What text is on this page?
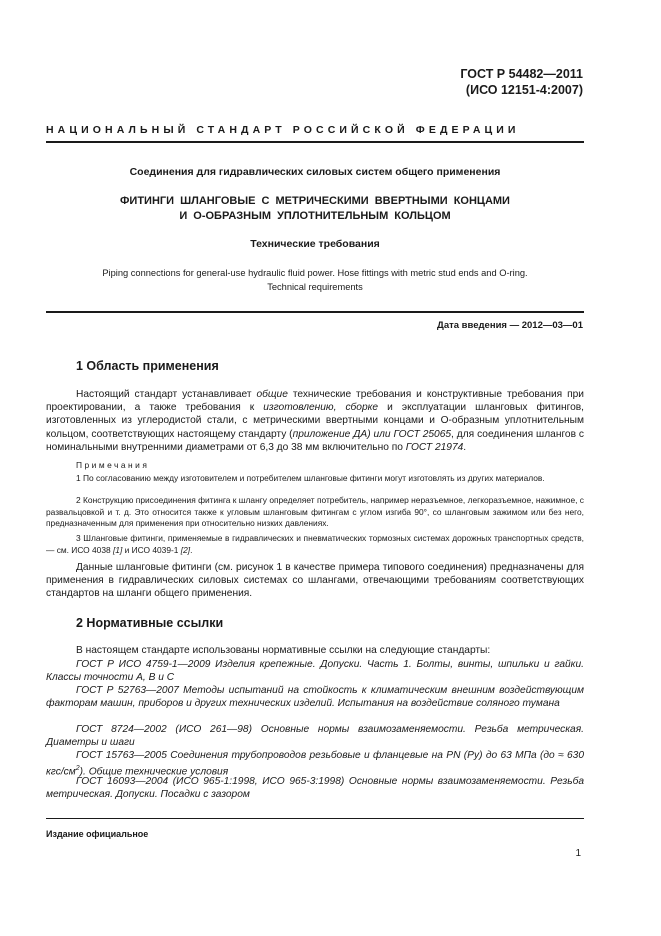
ГОСТ Р 54482—2011
(ИСО 12151-4:2007)
НАЦИОНАЛЬНЫЙ СТАНДАРТ РОССИЙСКОЙ ФЕДЕРАЦИИ
Соединения для гидравлических силовых систем общего применения
ФИТИНГИ ШЛАНГОВЫЕ С МЕТРИЧЕСКИМИ ВВЕРТНЫМИ КОНЦАМИ
И О-ОБРАЗНЫМ УПЛОТНИТЕЛЬНЫМ КОЛЬЦОМ
Технические требования
Piping connections for general-use hydraulic fluid power. Hose fittings with metric stud ends and O-ring.
Technical requirements
Дата введения — 2012—03—01
1 Область применения
Настоящий стандарт устанавливает общие технические требования и конструктивные требования при проектировании, а также требования к изготовлению, сборке и эксплуатации шланговых фитингов, изготовленных из углеродистой стали, с метрическими ввертными концами и О-образным уплотнительным кольцом, соответствующих настоящему стандарту (приложение ДА) или ГОСТ 25065, для соединения шлангов с номинальными внутренними диаметрами от 6,3 до 38 мм включительно по ГОСТ 21974.
Примечания
1 По согласованию между изготовителем и потребителем шланговые фитинги могут изготовлять из других материалов.
2 Конструкцию присоединения фитинга к шлангу определяет потребитель, например неразъемное, легкоразъемное, нажимное, с развальцовкой и т. д. Это относится также к угловым шланговым фитингам с углом изгиба 90°, со шланговым зажимом или без него, предназначенным для применения при относительно низких давлениях.
3 Шланговые фитинги, применяемые в гидравлических и пневматических тормозных системах дорожных транспортных средств, — см. ИСО 4038 [1] и ИСО 4039-1 [2].
Данные шланговые фитинги (см. рисунок 1 в качестве примера типового соединения) предназначены для применения в гидравлических силовых системах со шлангами, отвечающими требованиям соответствующих стандартов на шланги общего применения.
2 Нормативные ссылки
В настоящем стандарте использованы нормативные ссылки на следующие стандарты:
ГОСТ Р ИСО 4759-1—2009 Изделия крепежные. Допуски. Часть 1. Болты, винты, шпильки и гайки. Классы точности А, В и С
ГОСТ Р 52763—2007 Методы испытаний на стойкость к климатическим внешним воздействующим факторам машин, приборов и других технических изделий. Испытания на воздействие соляного тумана
ГОСТ 8724—2002 (ИСО 261—98) Основные нормы взаимозаменяемости. Резьба метрическая. Диаметры и шаги
ГОСТ 15763—2005 Соединения трубопроводов резьбовые и фланцевые на PN (Ру) до 63 МПа (до ≈ 630 кгс/$см^2$). Общие технические условия
ГОСТ 16093—2004 (ИСО 965-1:1998, ИСО 965-3:1998) Основные нормы взаимозаменяемости. Резьба метрическая. Допуски. Посадки с зазором
Издание официальное
1
